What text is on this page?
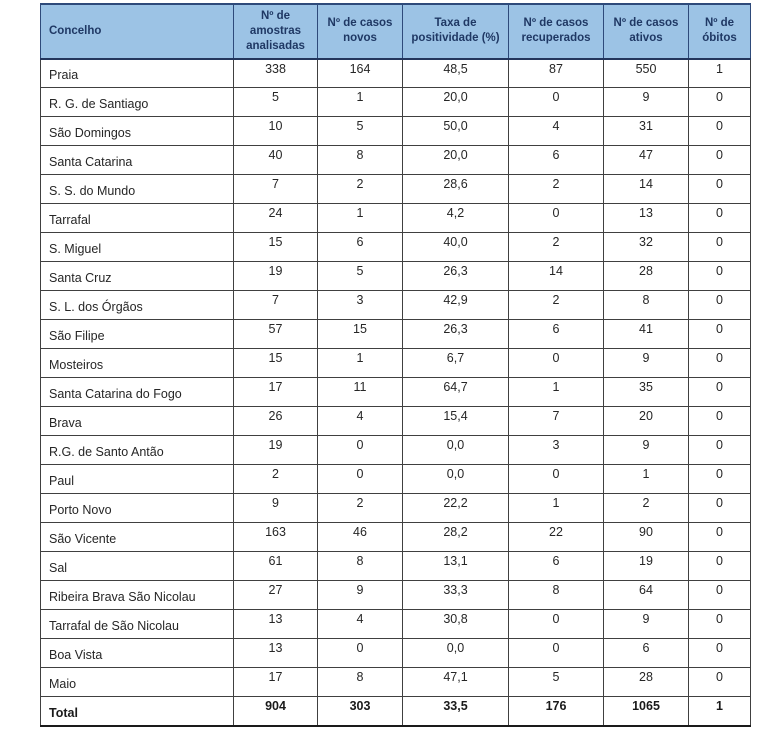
Concelho	Nº de amostras analisadas	Nº de casos novos	Taxa de positividade (%)	Nº de casos recuperados	Nº de casos ativos	Nº de óbitos
Praia	338	164	48,5	87	550	1
R. G. de Santiago	5	1	20,0	0	9	0
São Domingos	10	5	50,0	4	31	0
Santa Catarina	40	8	20,0	6	47	0
S. S. do Mundo	7	2	28,6	2	14	0
Tarrafal	24	1	4,2	0	13	0
S. Miguel	15	6	40,0	2	32	0
Santa Cruz	19	5	26,3	14	28	0
S. L. dos Órgãos	7	3	42,9	2	8	0
São Filipe	57	15	26,3	6	41	0
Mosteiros	15	1	6,7	0	9	0
Santa Catarina do Fogo	17	11	64,7	1	35	0
Brava	26	4	15,4	7	20	0
R.G. de Santo Antão	19	0	0,0	3	9	0
Paul	2	0	0,0	0	1	0
Porto Novo	9	2	22,2	1	2	0
São Vicente	163	46	28,2	22	90	0
Sal	61	8	13,1	6	19	0
Ribeira Brava São Nicolau	27	9	33,3	8	64	0
Tarrafal de São Nicolau	13	4	30,8	0	9	0
Boa Vista	13	0	0,0	0	6	0
Maio	17	8	47,1	5	28	0
Total	904	303	33,5	176	1065	1
